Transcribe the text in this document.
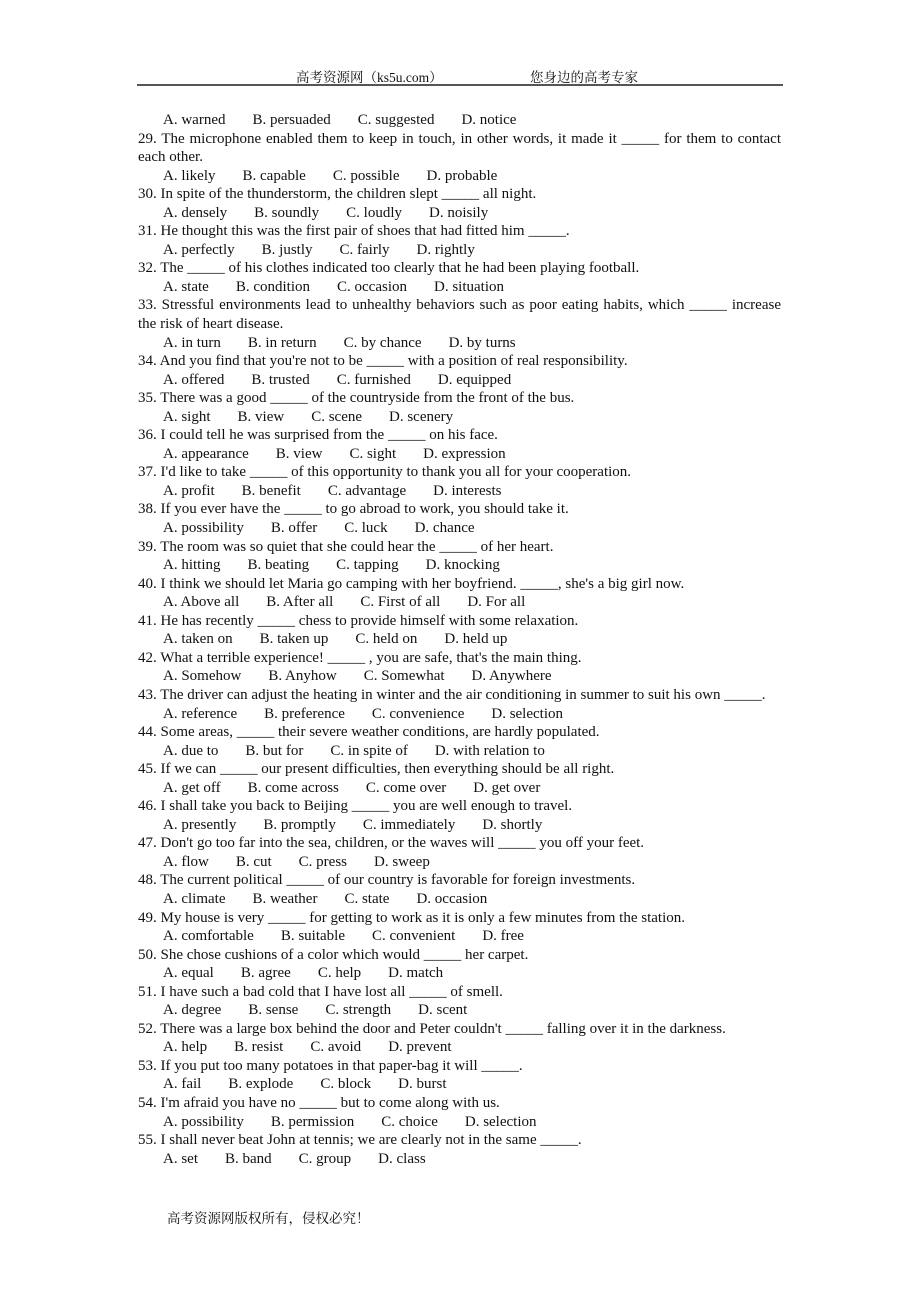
高考资源网（ks5u.com）	您身边的高考专家
A. warned B. persuaded C. suggested D. notice
29. The microphone enabled them to keep in touch, in other words, it made it _____ for them to contact each other.
A. likely B. capable C. possible D. probable
30. In spite of the thunderstorm, the children slept _____ all night.
A. densely B. soundly C. loudly D. noisily
31. He thought this was the first pair of shoes that had fitted him _____.
A. perfectly B. justly C. fairly D. rightly
32. The _____ of his clothes indicated too clearly that he had been playing football.
A. state B. condition C. occasion D. situation
33. Stressful environments lead to unhealthy behaviors such as poor eating habits, which _____ increase the risk of heart disease.
A. in turn B. in return C. by chance D. by turns
34. And you find that you're not to be _____ with a position of real responsibility.
A. offered B. trusted C. furnished D. equipped
35. There was a good _____ of the countryside from the front of the bus.
A. sight B. view C. scene D. scenery
36. I could tell he was surprised from the _____ on his face.
A. appearance B. view C. sight D. expression
37. I'd like to take _____ of this opportunity to thank you all for your cooperation.
A. profit B. benefit C. advantage D. interests
38. If you ever have the _____ to go abroad to work, you should take it.
A. possibility B. offer C. luck D. chance
39. The room was so quiet that she could hear the _____ of her heart.
A. hitting B. beating C. tapping D. knocking
40. I think we should let Maria go camping with her boyfriend. _____, she's a big girl now.
A. Above all B. After all C. First of all D. For all
41. He has recently _____ chess to provide himself with some relaxation.
A. taken on B. taken up C. held on D. held up
42. What a terrible experience! _____ , you are safe, that's the main thing.
A. Somehow B. Anyhow C. Somewhat D. Anywhere
43. The driver can adjust the heating in winter and the air conditioning in summer to suit his own _____.
A. reference B. preference C. convenience D. selection
44. Some areas, _____ their severe weather conditions, are hardly populated.
A. due to B. but for C. in spite of D. with relation to
45. If we can _____ our present difficulties, then everything should be all right.
A. get off B. come across C. come over D. get over
46. I shall take you back to Beijing _____ you are well enough to travel.
A. presently B. promptly C. immediately D. shortly
47. Don't go too far into the sea, children, or the waves will _____ you off your feet.
A. flow B. cut C. press D. sweep
48. The current political _____ of our country is favorable for foreign investments.
A. climate B. weather C. state D. occasion
49. My house is very _____ for getting to work as it is only a few minutes from the station.
A. comfortable B. suitable C. convenient D. free
50. She chose cushions of a color which would _____ her carpet.
A. equal B. agree C. help D. match
51. I have such a bad cold that I have lost all _____ of smell.
A. degree B. sense C. strength D. scent
52. There was a large box behind the door and Peter couldn't _____ falling over it in the darkness.
A. help B. resist C. avoid D. prevent
53. If you put too many potatoes in that paper-bag it will _____.
A. fail B. explode C. block D. burst
54. I'm afraid you have no _____ but to come along with us.
A. possibility B. permission C. choice D. selection
55. I shall never beat John at tennis; we are clearly not in the same _____.
A. set B. band C. group D. class
高考资源网版权所有，侵权必究！
